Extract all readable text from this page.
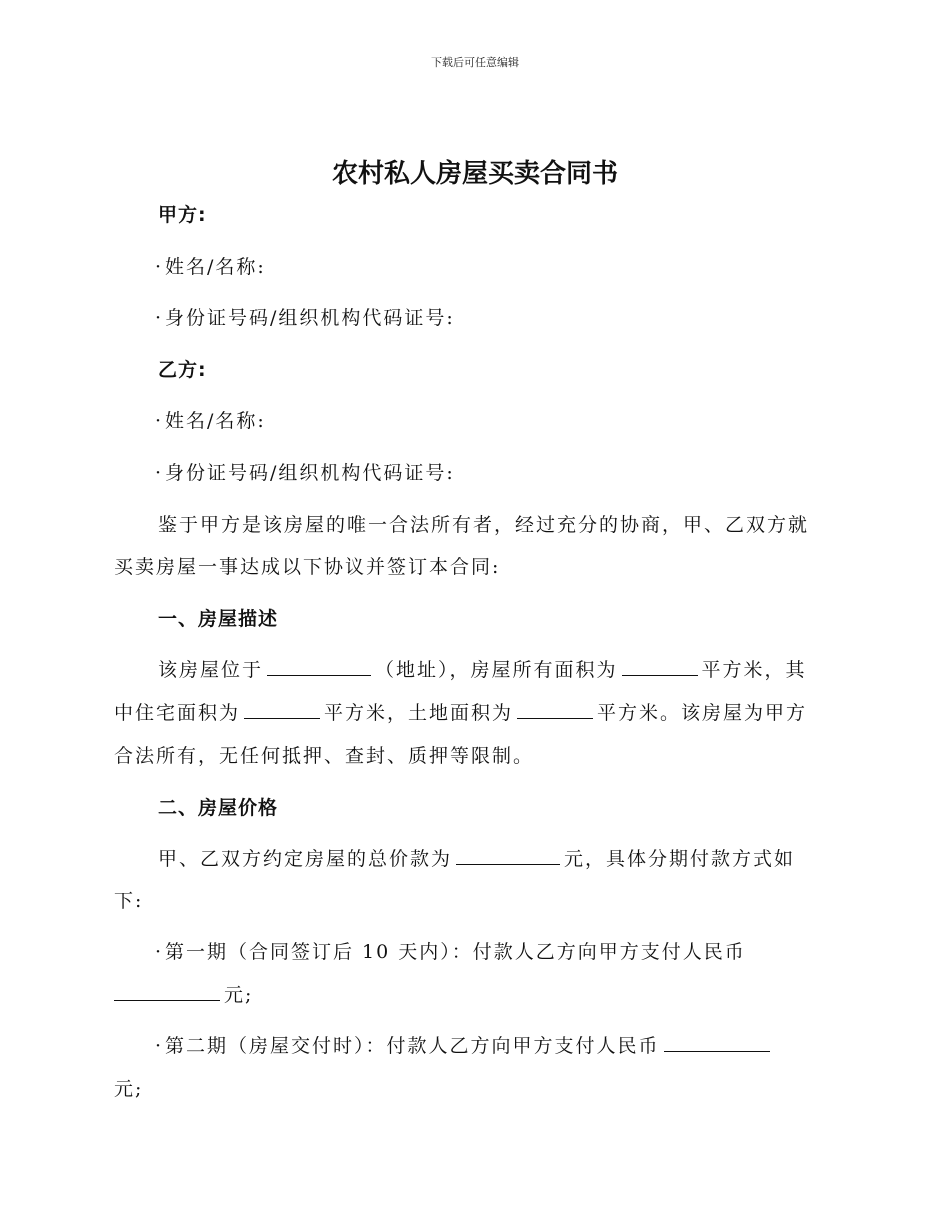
下载后可任意编辑
农村私人房屋买卖合同书
甲方:
· 姓名/名称:
· 身份证号码/组织机构代码证号:
乙方:
· 姓名/名称:
· 身份证号码/组织机构代码证号:
鉴于甲方是该房屋的唯一合法所有者，经过充分的协商，甲、乙双方就
买卖房屋一事达成以下协议并签订本合同:
一、房屋描述
该房屋位于	（地址），房屋所有面积为	平方米，其
中住宅面积为	平方米，土地面积为	平方米。该房屋为甲方
合法所有，无任何抵押、查封、质押等限制。
二、房屋价格
甲、乙双方约定房屋的总价款为	元，具体分期付款方式如
下:
· 第一期（合同签订后 10 天内）：付款人乙方向甲方支付人民币
元;
· 第二期（房屋交付时）：付款人乙方向甲方支付人民币
元;
